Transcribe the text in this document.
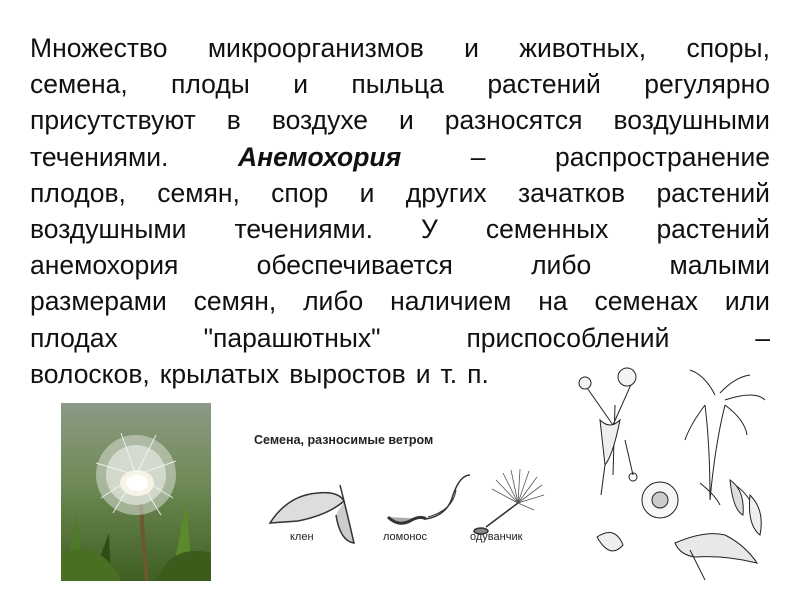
Множество микроорганизмов и животных, споры,
семена, плоды и пыльца растений регулярно
присутствуют в воздухе и разносятся воздушными
течениями.	Анемохория	–	распространение
плодов, семян, спор и других зачатков растений
воздушными течениями. У семенных растений
анемохория	обеспечивается	либо	малыми
размерами семян, либо наличием на семенах или
плодах	"парашютных"	приспособлений	–
волосков, крылатых выростов и т. п.
Семена, разносимые ветром
клен	ломонос	одуванчик
